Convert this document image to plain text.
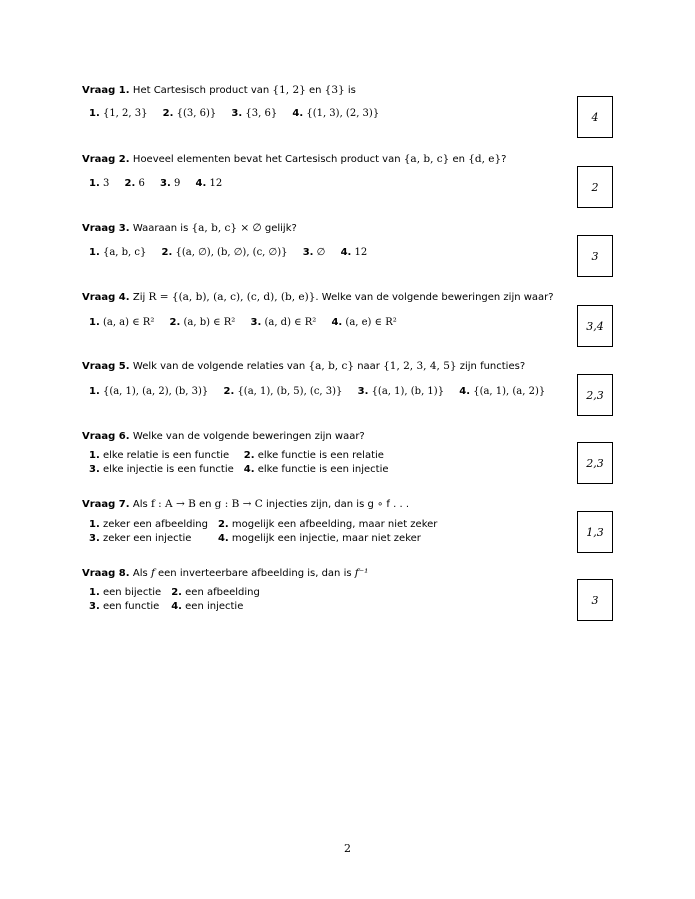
Vraag 1. Het Cartesisch product van {1, 2} en {3} is
1. {1, 2, 3} 2. {(3, 6)} 3. {3, 6} 4. {(1, 3), (2, 3)}	4
Vraag 2. Hoeveel elementen bevat het Cartesisch product van {a, b, c} en {d, e}?
1. 3 2. 6 3. 9 4. 12	2
Vraag 3. Waaraan is {a, b, c} × ∅ gelijk?
1. {a, b, c} 2. {(a, ∅), (b, ∅), (c, ∅)} 3. ∅ 4. 12	3
Vraag 4. Zij R = {(a, b), (a, c), (c, d), (b, e)}. Welke van de volgende beweringen zijn waar?
1. (a, a) ∈ R² 2. (a, b) ∈ R² 3. (a, d) ∈ R² 4. (a, e) ∈ R²	3,4
Vraag 5. Welk van de volgende relaties van {a, b, c} naar {1, 2, 3, 4, 5} zijn functies?
1. {(a, 1), (a, 2), (b, 3)} 2. {(a, 1), (b, 5), (c, 3)} 3. {(a, 1), (b, 1)} 4. {(a, 1), (a, 2)}	2,3
Vraag 6. Welke van de volgende beweringen zijn waar?
1. elke relatie is een functie	2. elke functie is een relatie
3. elke injectie is een functie 4. elke functie is een injectie	2,3
Vraag 7. Als f : A → B en g : B → C injecties zijn, dan is g ∘ f . . .
1. zeker een afbeelding 2. mogelijk een afbeelding, maar niet zeker
3. zeker een injectie	4. mogelijk een injectie, maar niet zeker	1,3
Vraag 8. Als f een inverteerbare afbeelding is, dan is f⁻¹
1. een bijectie 2. een afbeelding
3. een functie 4. een injectie	3
2
